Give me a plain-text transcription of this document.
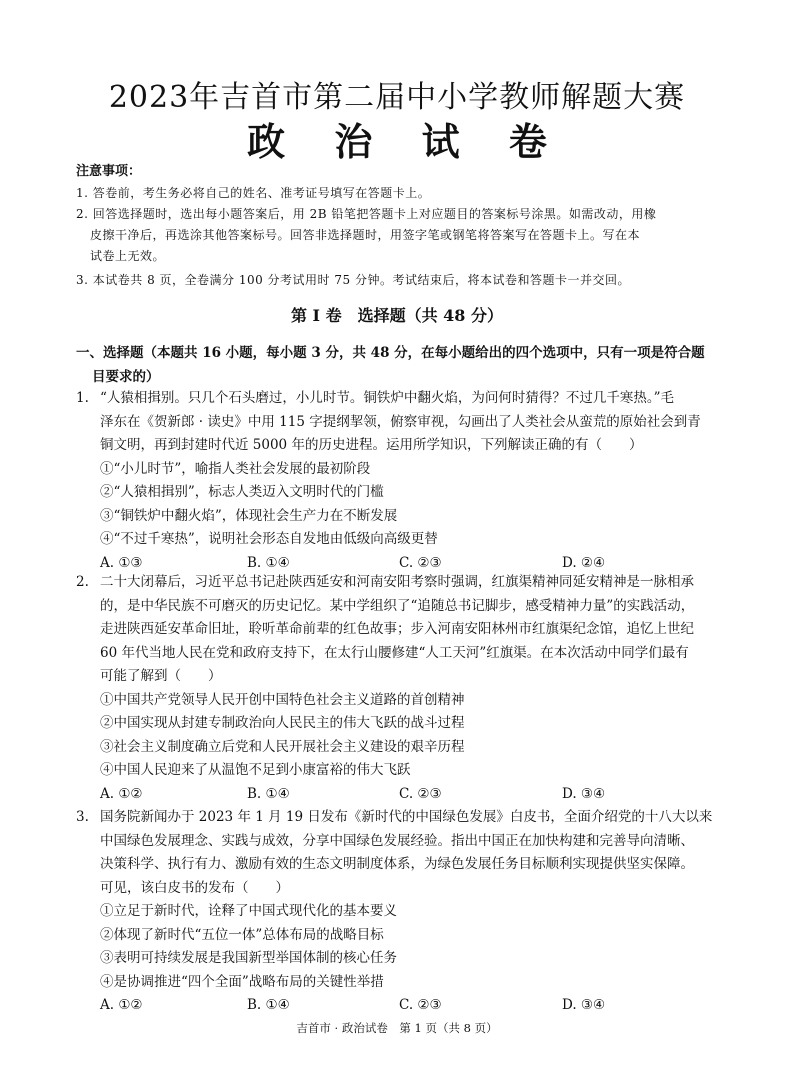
2023年吉首市第二届中小学教师解题大赛
政 治 试 卷
注意事项：
1. 答卷前，考生务必将自己的姓名、准考证号填写在答题卡上。
2. 回答选择题时，选出每小题答案后，用 2B 铅笔把答题卡上对应题目的答案标号涂黑。如需改动，用橡
皮擦干净后，再选涂其他答案标号。回答非选择题时，用签字笔或钢笔将答案写在答题卡上。写在本
试卷上无效。
3. 本试卷共 8 页，全卷满分 100 分考试用时 75 分钟。考试结束后，将本试卷和答题卡一并交回。
第 I 卷　选择题（共 48 分）
一、选择题（本题共 16 小题，每小题 3 分，共 48 分，在每小题给出的四个选项中，只有一项是符合题
目要求的）
1. “人猿相揖别。只几个石头磨过，小儿时节。铜铁炉中翻火焰，为问何时猜得？不过几千寒热。”毛
泽东在《贺新郎 · 读史》中用 115 字提纲挈领，俯察审视，勾画出了人类社会从蛮荒的原始社会到青
铜文明，再到封建时代近 5000 年的历史进程。运用所学知识，下列解读正确的有（　　）
①“小儿时节”，喻指人类社会发展的最初阶段
②“人猿相揖别”，标志人类迈入文明时代的门槛
③“铜铁炉中翻火焰”，体现社会生产力在不断发展
④“不过千寒热”，说明社会形态自发地由低级向高级更替
A. ①③	B. ①④	C. ②③	D. ②④
2. 二十大闭幕后，习近平总书记赴陕西延安和河南安阳考察时强调，红旗渠精神同延安精神是一脉相承
的，是中华民族不可磨灭的历史记忆。某中学组织了“追随总书记脚步，感受精神力量”的实践活动，
走进陕西延安革命旧址，聆听革命前辈的红色故事；步入河南安阳林州市红旗渠纪念馆，追忆上世纪
60 年代当地人民在党和政府支持下，在太行山腰修建“人工天河”红旗渠。在本次活动中同学们最有
可能了解到（　　）
①中国共产党领导人民开创中国特色社会主义道路的首创精神
②中国实现从封建专制政治向人民民主的伟大飞跃的战斗过程
③社会主义制度确立后党和人民开展社会主义建设的艰辛历程
④中国人民迎来了从温饱不足到小康富裕的伟大飞跃
A. ①②	B. ①④	C. ②③	D. ③④
3. 国务院新闻办于 2023 年 1 月 19 日发布《新时代的中国绿色发展》白皮书，全面介绍党的十八大以来
中国绿色发展理念、实践与成效，分享中国绿色发展经验。指出中国正在加快构建和完善导向清晰、
决策科学、执行有力、激励有效的生态文明制度体系，为绿色发展任务目标顺利实现提供坚实保障。
可见，该白皮书的发布（　　）
①立足于新时代，诠释了中国式现代化的基本要义
②体现了新时代“五位一体”总体布局的战略目标
③表明可持续发展是我国新型举国体制的核心任务
④是协调推进“四个全面”战略布局的关键性举措
A. ①②	B. ①④	C. ②③	D. ③④
吉首市 · 政治试卷　第 1 页（共 8 页）
